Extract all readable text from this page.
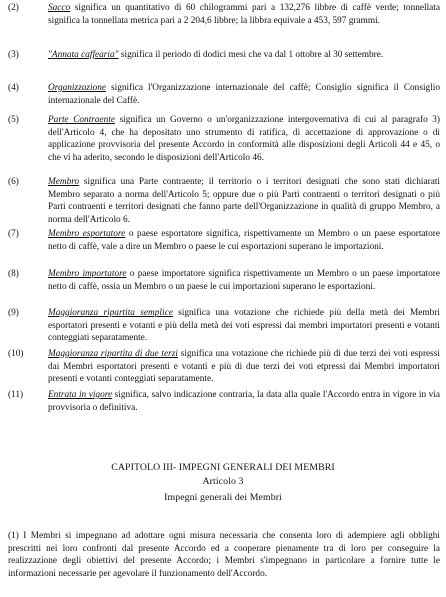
(2)	Sacco significa un quantitativo di 60 chilogrammi pari a 132,276 libbre di caffè verde; tonnellata significa la tonnellata metrica pari a 2 204,6 libbre; la libbra equivale a 453, 597 grammi.
(3)	"Annata caffearia" significa il periodo di dodici mesi che va dal 1 ottobre al 30 settembre.
(4)	Organizzazione significa l'Organizzazione internazionale del caffè; Consiglio significa il Consiglio internazionale del Caffè.
(5)	Parte Contraente significa un Governo o un'organizzazione intergovernativa di cui al paragrafo 3) dell'Articolo 4, che ha depositato uno strumento di ratifica, di accettazione di approvazione o di applicazione provvisoria del presente Accordo in conformità alle disposizioni degli Articoli 44 e 45, o che vi ha aderito, secondo le disposizioni dell'Articolo 46.
(6)	Membro significa una Parte contraente; il territorio o i territori designati che sono stati dichiarati Membro separato a norma dell'Articolo 5; oppure due o più Parti contraenti o territori designati o più Parti contraenti e territori designati che fanno parte dell'Organizzazione in qualità di gruppo Membro, a norma dell'Articolo 6.
(7)	Membro esportatore o paese esportatore significa, rispettivamente un Membro o un paese esportatore netto di caffè, vale a dire un Membro o paese le cui esportazioni superano le importazioni.
(8)	Membro importatore o paese importatore significa rispettivamente un Membro o un paese importatore netto di caffè, ossia un Membro o un paese le cui importazioni superano le esportazioni.
(9)	Maggioranza ripartita semplice significa una votazione che richiede più della metà dei Membri esportatori presenti e votanti e più della metà dei voti espressi dai membri importatori presenti e votanti conteggiati separatamente.
(10)	Maggioranza ripartita di due terzi significa una votazione che richiede più di due terzi dei voti espressi dai Membri esportatori presenti e votanti e più di due terzi dei voti etpressi dai Membri importatori presenti e votanti conteggiati separatamente.
(11)	Entrata in vigore significa, salvo indicazione contraria, la data alla quale l'Accordo entra in vigore in via provvisoria o definitiva.
CAPITOLO III- IMPEGNI GENERALI DEI MEMBRI
Articolo 3
Impegni generali dei Membri
(1) I Membri si impegnano ad adottare ogni misura necessaria che consenta loro di adempiere agli obblighi prescritti nei loro confronti dal presente Accordo ed a cooperare pienamente tra di loro per conseguire la realizzazione degli obiettivi del presente Accordo; i Membri s'impegnano in particolare a fornire tutte le informazioni necessarie per agevolare il funzionamento dell'Accordo.
